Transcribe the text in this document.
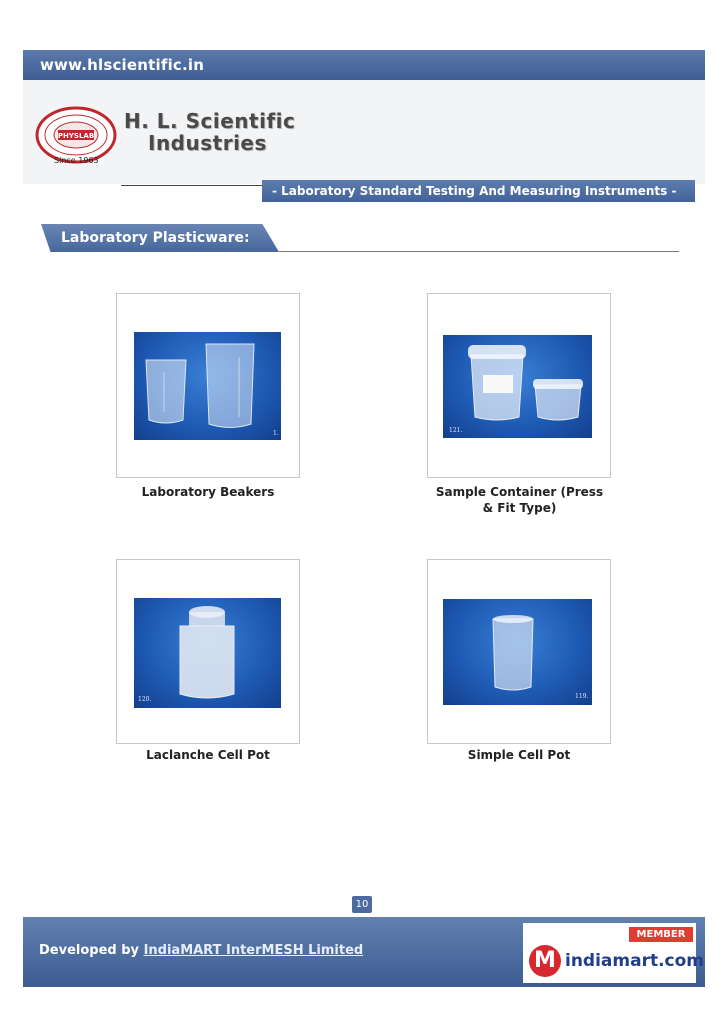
www.hlscientific.in
PHYSLAB
Since 1963
H. L. Scientific
Industries
- Laboratory Standard Testing And Measuring Instruments -
Laboratory Plasticware:
1.
Laboratory Beakers
121.
Sample Container (Press
& Fit Type)
120.
Laclanche Cell Pot
119.
Simple Cell Pot
10
Developed by IndiaMART InterMESH Limited
MEMBER
M indiamart.com
